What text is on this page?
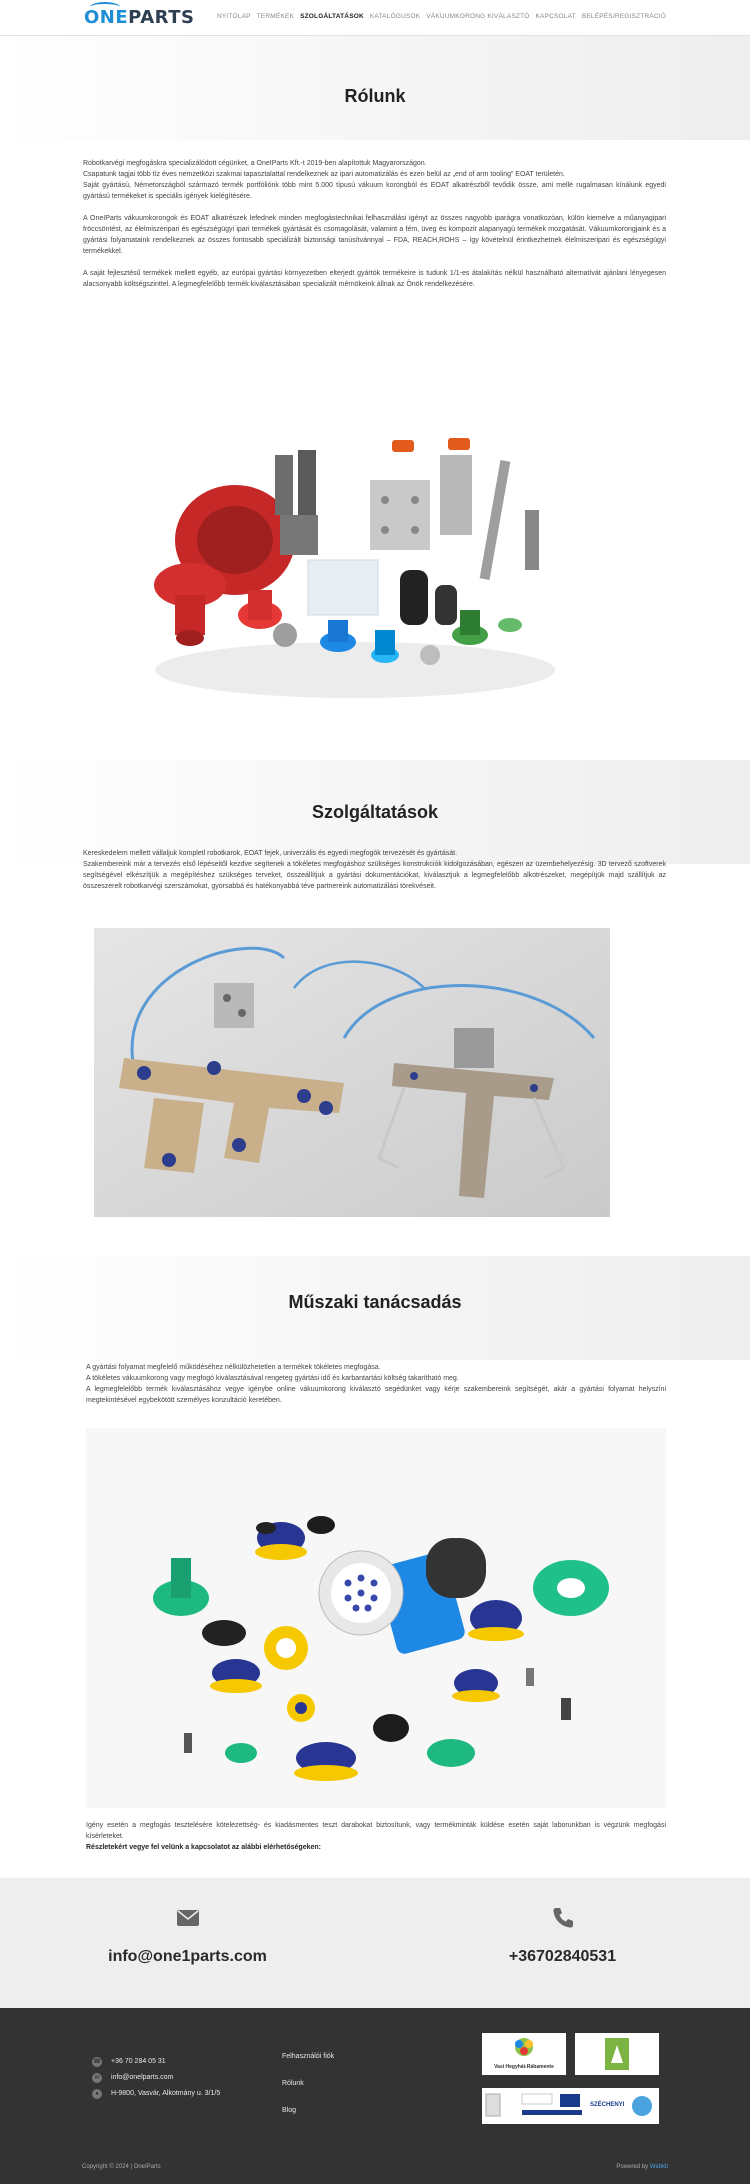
ONE PARTS	NYITÓLAP TERMÉKEK SZOLGÁLTATÁSOK KATALÓGUSOK VÁKUUMKORONG KIVÁLASZTÓ KAPCSOLAT BELÉPÉS/REGISZTRÁCIÓ
Rólunk

Robotkarvégi megfogáskra specializálódott cégünket, a OneIParts Kft.-t 2019-ben alapítottuk Magyarországon.

Csapatunk tagjai több tíz éves nemzetközi szakmai tapasztalattal rendelkeznek az ipari automatizálás és ezen belül az „end of arm tooling” EOAT területén.

Saját gyártású, Németországból származó termék portfóliónk több mint 5.000 típusú vákuum korongból és EOAT alkatrészből tevődik össze, ami mellé rugalmasan kínálunk egyedi gyártású termékeket is speciális igények kielégítésére.

A OneIParts vákuumkorongok és EOAT alkatrészek lefednek minden megfogástechnikai felhasználási igényt az összes nagyobb iparágra vonatkozóan, külön kiemelve a műanyagipari fröccsöntést, az élelmiszeripari és egészségügyi ipari termékek gyártását és csomagolását, valamint a fém, üveg és kompozit alapanyagú termékek mozgatását. Vákuumkorongjaink és a gyártási folyamataink rendelkeznek az összes fontosabb speciálizált biztonsági tanúsítvánnyal – FDA, REACH,ROHS – így kövételnül érintkezhetnek élelmiszeripari és egészségügyi termékekkel.

A saját fejlesztésű termékek mellett egyéb, az európai gyártási környezetben elterjedt gyártók termékeire is tudunk 1/1-es átalakítás nélkül használható alternatívát ajánlani lényegesen alacsonyabb költségszinttel. A legmegfelelőbb termék kiválasztásában specializált mérnökeink állnak az Önök rendelkezésére.

Szolgáltatások

Kereskedelem mellett vállaljuk kompletl robotkarok, EOAT fejek, univerzális és egyedi megfogók tervezését és gyártását.

Szakembereink már a tervezés első lépéseitől kezdve segítenek a tökéletes megfogáshoz szükséges konstrukciók kidolgozásában, egészen az üzembehelyezésig. 3D tervező szoftverek segítségével elkészítjük a megépítéshez szükséges terveket, összeállítjuk a gyártási dokumentációkat, kiválasztjuk a legmegfelelőbb alkotrészeket, megépítjük majd szállítjuk az összeszerelt robotkarvégi szerszámokat, gyorsabbá és hatékonyabbá téve partnereink automatizálási törekvéseit.

Műszaki tanácsadás

A gyártási folyamat megfelelő működéséhez nélkülözhetetlen a termékek tökéletes megfogása.

A tökéletes vákuumkorong vagy megfogó kiválasztásával rengeteg gyártási idő és karbantartási költség takarítható meg.

A legmegfelelőbb termék kiválasztásához vegye igénybe online vákuumkorong kiválasztó segédünket vagy kérje szakembereink segítségét, akár a gyártási folyamat helyszíni megtekintésével egybekötött személyes konzultáció keretében.

Igény esetén a megfogás tesztelésére kötelezettség- és kiadásmentes teszt darabokat biztosítunk, vagy termékminták küldése esetén saját laborunkban is végzünk megfogási kísérleteket.

Részletekért vegye fel velünk a kapcsolatot az alábbi elérhetőségeken:

info@one1parts.com	+36702840531
☎ +36 70 284 05 31
✉	info@onelparts.com
●	H-9800, Vasvár, Alkotmány u. 3/1/5
Felhasználói fiók
Rólunk
Blog
Vasi Hegyhát-Rábamente
SZÉCHENYI
Copyright © 2024 | OneIParts	Powered by Webkit
